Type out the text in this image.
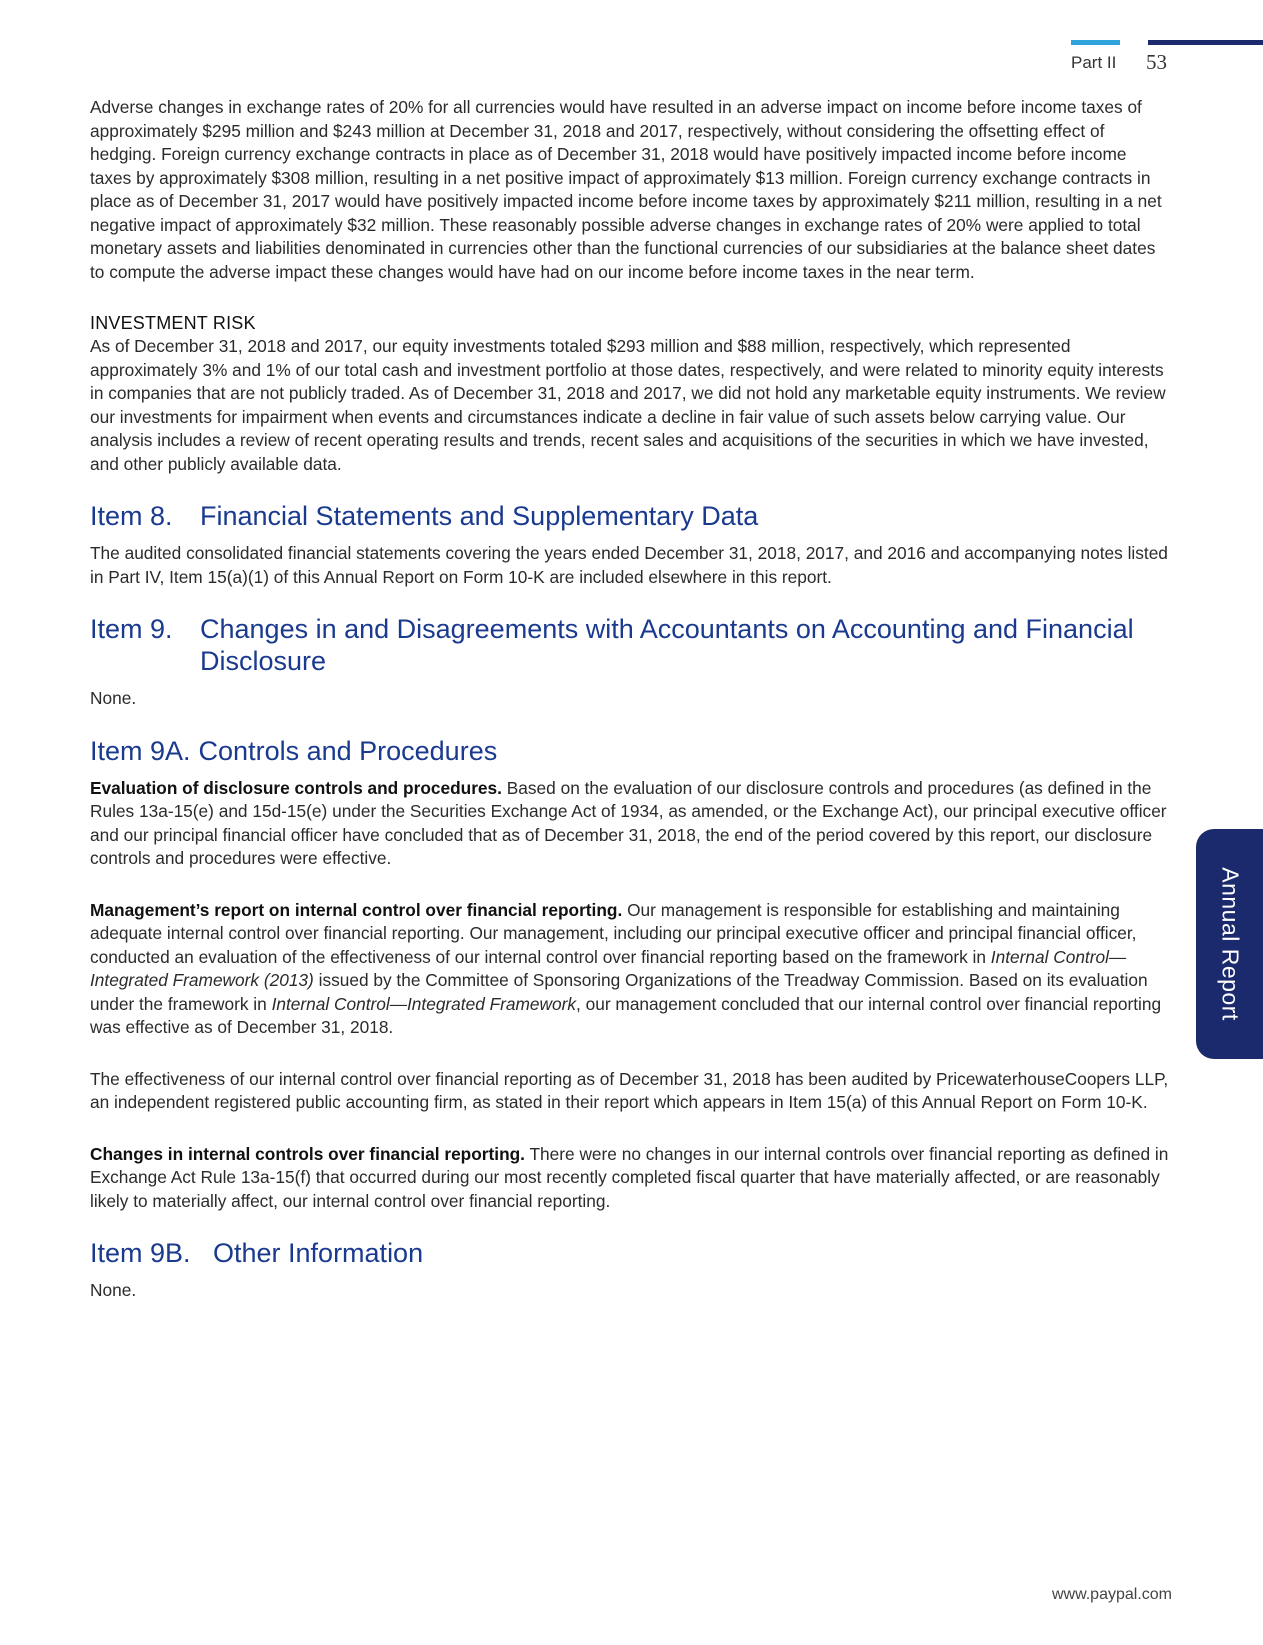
Part II 53

Adverse changes in exchange rates of 20% for all currencies would have resulted in an adverse impact on income before income taxes of approximately $295 million and $243 million at December 31, 2018 and 2017, respectively, without considering the offsetting effect of hedging. Foreign currency exchange contracts in place as of December 31, 2018 would have positively impacted income before income taxes by approximately $308 million, resulting in a net positive impact of approximately $13 million. Foreign currency exchange contracts in place as of December 31, 2017 would have positively impacted income before income taxes by approximately $211 million, resulting in a net negative impact of approximately $32 million. These reasonably possible adverse changes in exchange rates of 20% were applied to total monetary assets and liabilities denominated in currencies other than the functional currencies of our subsidiaries at the balance sheet dates to compute the adverse impact these changes would have had on our income before income taxes in the near term.

INVESTMENT RISK

As of December 31, 2018 and 2017, our equity investments totaled $293 million and $88 million, respectively, which represented approximately 3% and 1% of our total cash and investment portfolio at those dates, respectively, and were related to minority equity interests in companies that are not publicly traded. As of December 31, 2018 and 2017, we did not hold any marketable equity instruments. We review our investments for impairment when events and circumstances indicate a decline in fair value of such assets below carrying value. Our analysis includes a review of recent operating results and trends, recent sales and acquisitions of the securities in which we have invested, and other publicly available data.

Item 8.	Financial Statements and Supplementary Data

The audited consolidated financial statements covering the years ended December 31, 2018, 2017, and 2016 and accompanying notes listed in Part IV, Item 15(a)(1) of this Annual Report on Form 10-K are included elsewhere in this report.

Item 9.	Changes in and Disagreements with Accountants on Accounting and Financial Disclosure

None.

Item 9A. Controls and Procedures

Evaluation of disclosure controls and procedures. Based on the evaluation of our disclosure controls and procedures (as defined in the Rules 13a-15(e) and 15d-15(e) under the Securities Exchange Act of 1934, as amended, or the Exchange Act), our principal executive officer and our principal financial officer have concluded that as of December 31, 2018, the end of the period covered by this report, our disclosure controls and procedures were effective.

Management’s report on internal control over financial reporting. Our management is responsible for establishing and maintaining adequate internal control over financial reporting. Our management, including our principal executive officer and principal financial officer, conducted an evaluation of the effectiveness of our internal control over financial reporting based on the framework in Internal Control—Integrated Framework (2013) issued by the Committee of Sponsoring Organizations of the Treadway Commission. Based on its evaluation under the framework in Internal Control—Integrated Framework, our management concluded that our internal control over financial reporting was effective as of December 31, 2018.

The effectiveness of our internal control over financial reporting as of December 31, 2018 has been audited by PricewaterhouseCoopers LLP, an independent registered public accounting firm, as stated in their report which appears in Item 15(a) of this Annual Report on Form 10-K.

Changes in internal controls over financial reporting. There were no changes in our internal controls over financial reporting as defined in Exchange Act Rule 13a-15(f) that occurred during our most recently completed fiscal quarter that have materially affected, or are reasonably likely to materially affect, our internal control over financial reporting.

Item 9B. Other Information

None.

Annual Report
www.paypal.com
